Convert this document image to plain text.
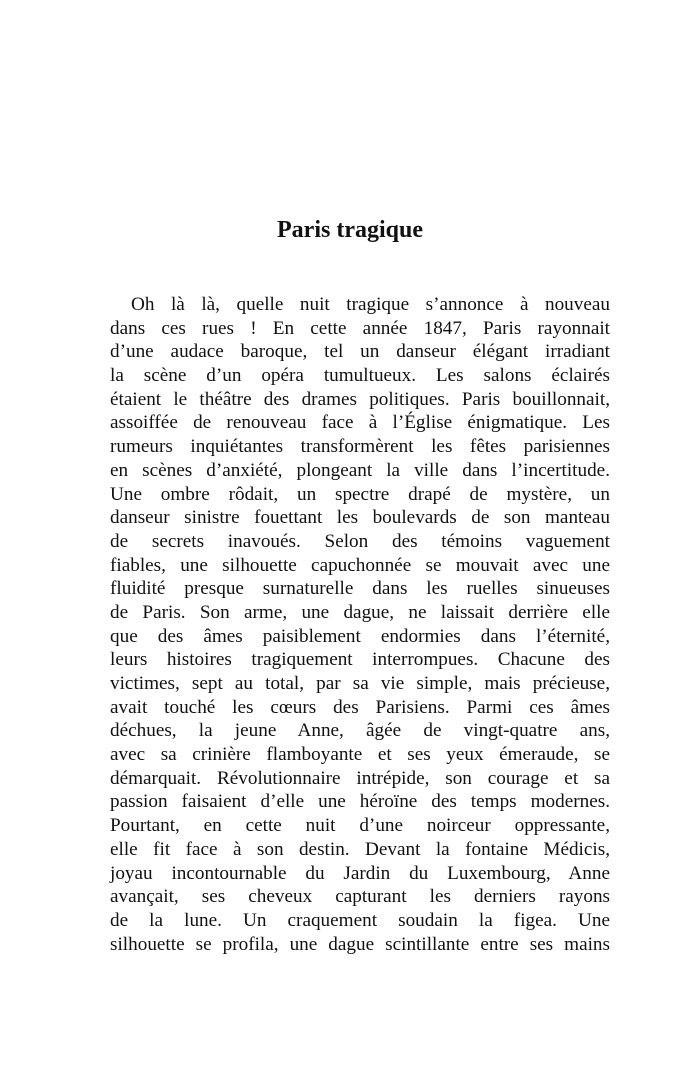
Paris tragique

Oh là là, quelle nuit tragique s’annonce à nouveau
dans ces rues ! En cette année 1847, Paris rayonnait
d’une audace baroque, tel un danseur élégant irradiant
la scène d’un opéra tumultueux. Les salons éclairés
étaient le théâtre des drames politiques. Paris bouillonnait,
assoiffée de renouveau face à l’Église énigmatique. Les
rumeurs inquiétantes transformèrent les fêtes parisiennes
en scènes d’anxiété, plongeant la ville dans l’incertitude.
Une ombre rôdait, un spectre drapé de mystère, un
danseur sinistre fouettant les boulevards de son manteau
de secrets inavoués. Selon des témoins vaguement
fiables, une silhouette capuchonnée se mouvait avec une
fluidité presque surnaturelle dans les ruelles sinueuses
de Paris. Son arme, une dague, ne laissait derrière elle
que des âmes paisiblement endormies dans l’éternité,
leurs histoires tragiquement interrompues. Chacune des
victimes, sept au total, par sa vie simple, mais précieuse,
avait touché les cœurs des Parisiens. Parmi ces âmes
déchues, la jeune Anne, âgée de vingt-quatre ans,
avec sa crinière flamboyante et ses yeux émeraude, se
démarquait. Révolutionnaire intrépide, son courage et sa
passion faisaient d’elle une héroïne des temps modernes.
Pourtant, en cette nuit d’une noirceur oppressante,
elle fit face à son destin. Devant la fontaine Médicis,
joyau incontournable du Jardin du Luxembourg, Anne
avançait, ses cheveux capturant les derniers rayons
de la lune. Un craquement soudain la figea. Une
silhouette se profila, une dague scintillante entre ses mains
